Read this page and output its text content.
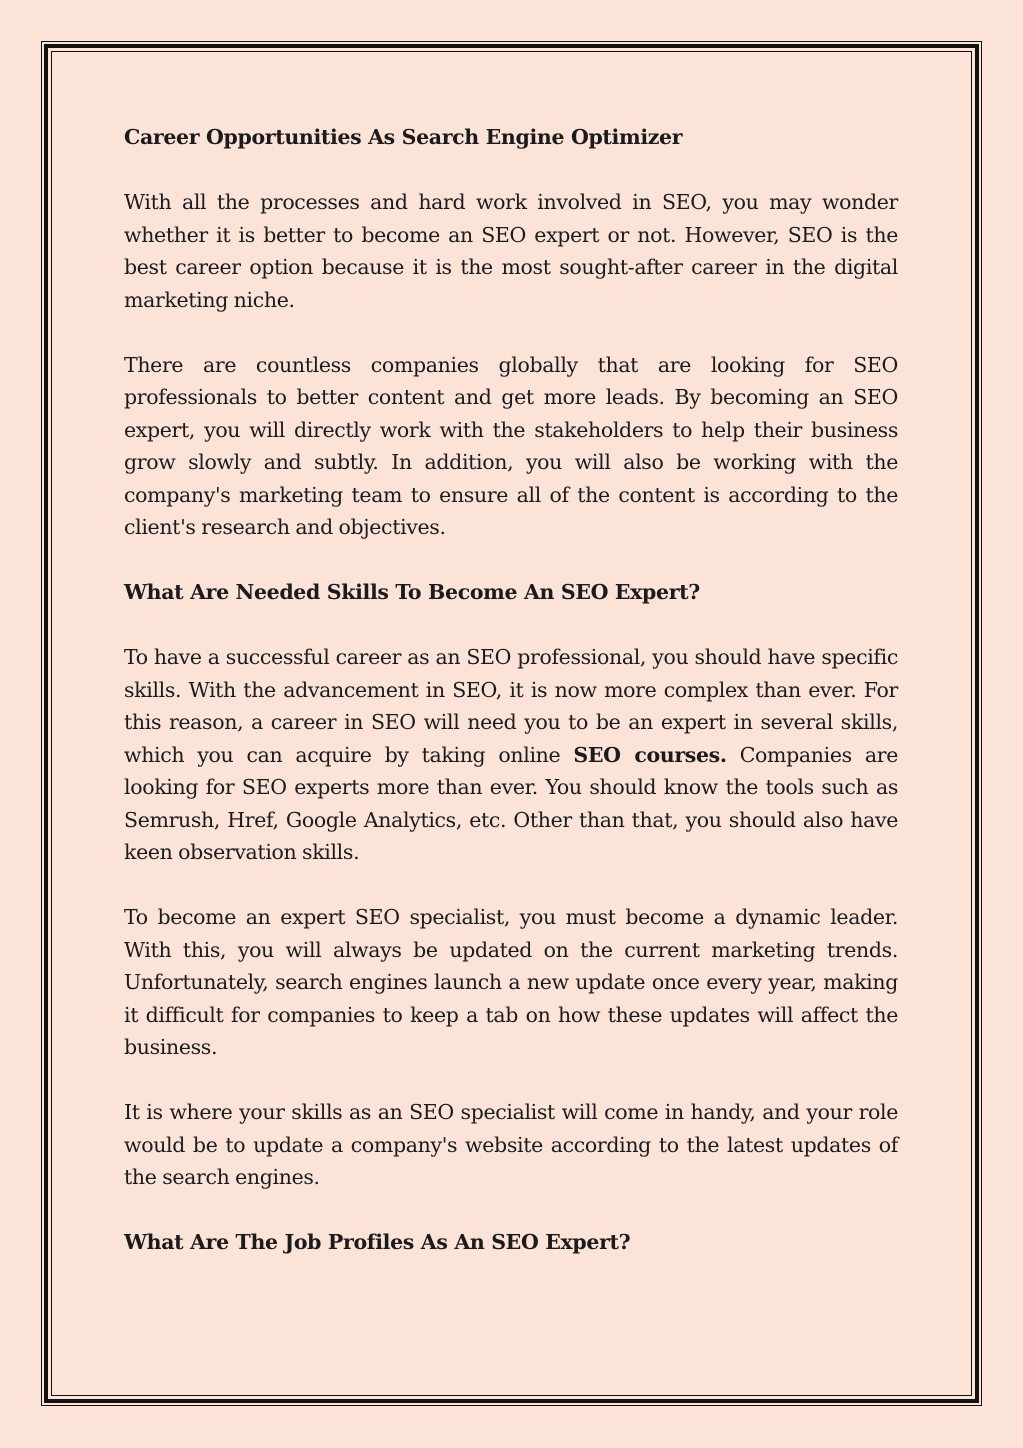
Career Opportunities As Search Engine Optimizer

With all the processes and hard work involved in SEO, you may wonder whether it is better to become an SEO expert or not. However, SEO is the best career option because it is the most sought-after career in the digital marketing niche.

There are countless companies globally that are looking for SEO professionals to better content and get more leads. By becoming an SEO expert, you will directly work with the stakeholders to help their business grow slowly and subtly. In addition, you will also be working with the company's marketing team to ensure all of the content is according to the client's research and objectives.

What Are Needed Skills To Become An SEO Expert?

To have a successful career as an SEO professional, you should have specific skills. With the advancement in SEO, it is now more complex than ever. For this reason, a career in SEO will need you to be an expert in several skills, which you can acquire by taking online SEO courses. Companies are looking for SEO experts more than ever. You should know the tools such as Semrush, Href, Google Analytics, etc. Other than that, you should also have keen observation skills.

To become an expert SEO specialist, you must become a dynamic leader. With this, you will always be updated on the current marketing trends. Unfortunately, search engines launch a new update once every year, making it difficult for companies to keep a tab on how these updates will affect the business.

It is where your skills as an SEO specialist will come in handy, and your role would be to update a company's website according to the latest updates of the search engines.

What Are The Job Profiles As An SEO Expert?
